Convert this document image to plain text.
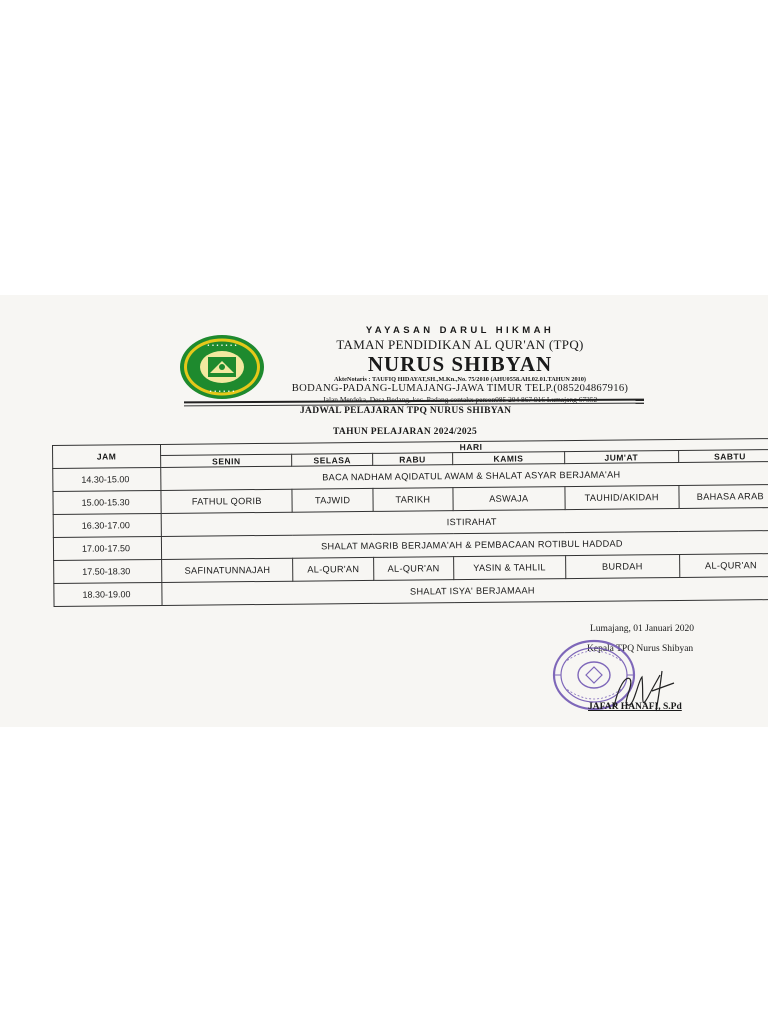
• • • • • • •
• • • • • •
YAYASAN DARUL HIKMAH
TAMAN PENDIDIKAN AL QUR'AN (TPQ)
NURUS SHIBYAN
AkteNotaris : TAUFIQ HIDAYAT,SH.,M.Kn.,No. 75/2010 (AHU0558.AH.02.01.TAHUN 2010)
BODANG-PADANG-LUMAJANG-JAWA TIMUR TELP.(085204867916)
Jalan Merdeka, Desa Bedang, kec. Padang contakx person085 204 867 916 Lumajang 67352
JADWAL PELAJARAN TPQ NURUS SHIBYAN
TAHUN PELAJARAN 2024/2025
JAM	HARI					
	SENIN	SELASA	RABU	KAMIS	JUM'AT	SABTU
14.30-15.00	BACA NADHAM AQIDATUL AWAM & SHALAT ASYAR BERJAMA'AH					
15.00-15.30	FATHUL QORIB	TAJWID	TARIKH	ASWAJA	TAUHID/AKIDAH	BAHASA ARAB
16.30-17.00	ISTIRAHAT					
17.00-17.50	SHALAT MAGRIB BERJAMA'AH & PEMBACAAN ROTIBUL HADDAD					
17.50-18.30	SAFINATUNNAJAH	AL-QUR'AN	AL-QUR'AN	YASIN & TAHLIL	BURDAH	AL-QUR'AN
18.30-19.00	SHALAT ISYA' BERJAMAAH					
Lumajang, 01 Januari 2020
Kepala TPQ Nurus Shibyan
JAFAR HANAFI, S.Pd
